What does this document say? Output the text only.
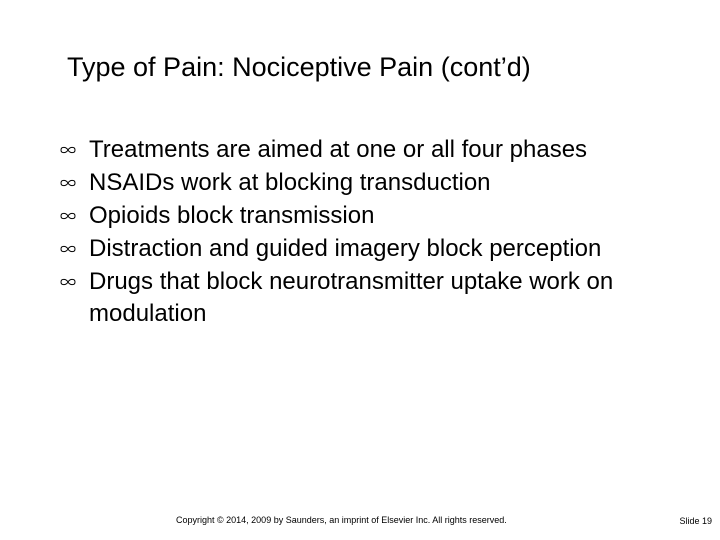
Type of Pain: Nociceptive Pain (cont’d)
Treatments are aimed at one or all four phases
NSAIDs work at blocking transduction
Opioids block transmission
Distraction and guided imagery block perception
Drugs that block neurotransmitter uptake work on modulation
Copyright © 2014, 2009 by Saunders, an imprint of Elsevier Inc. All rights reserved.	Slide 19
